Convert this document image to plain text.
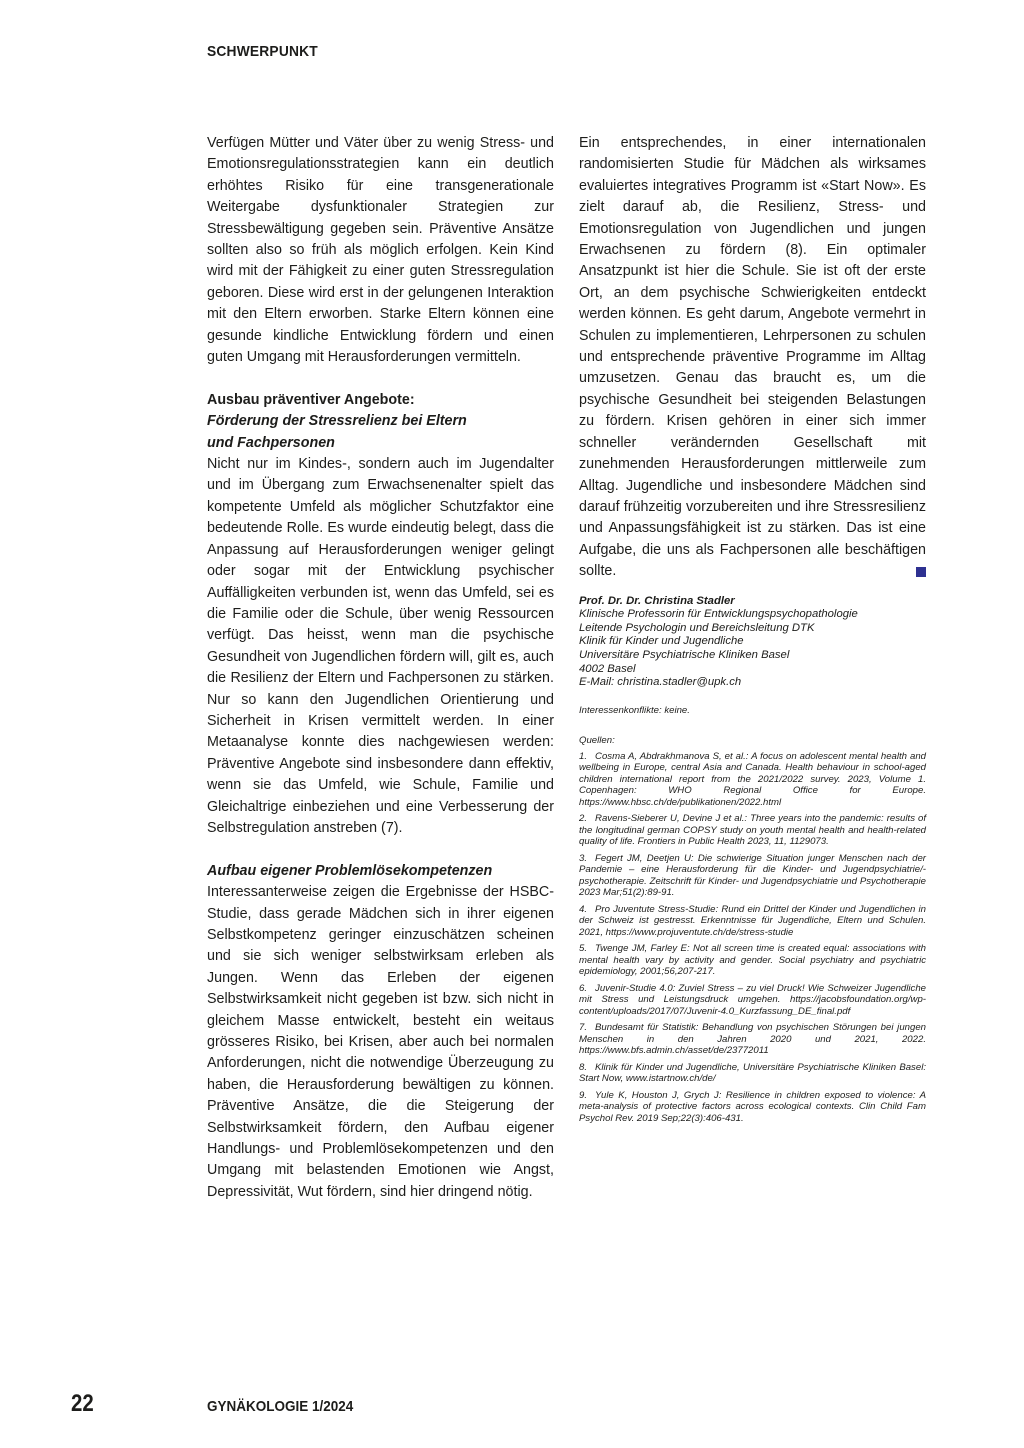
SCHWERPUNKT

Verfügen Mütter und Väter über zu wenig Stress- und Emotionsregulationsstrategien kann ein deutlich erhöhtes Risiko für eine transgenerationale Weitergabe dysfunktionaler Strategien zur Stressbewältigung gegeben sein. Präventive Ansätze sollten also so früh als möglich erfolgen. Kein Kind wird mit der Fähigkeit zu einer guten Stressregulation geboren. Diese wird erst in der gelungenen Interaktion mit den Eltern erworben. Starke Eltern können eine gesunde kindliche Entwicklung fördern und einen guten Umgang mit Herausforderungen vermitteln.

Ausbau präventiver Angebote:

Förderung der Stressrelienz bei Eltern

und Fachpersonen

Nicht nur im Kindes-, sondern auch im Jugendalter und im Übergang zum Erwachsenenalter spielt das kompetente Umfeld als möglicher Schutzfaktor eine bedeutende Rolle. Es wurde eindeutig belegt, dass die Anpassung auf Herausforderungen weniger gelingt oder sogar mit der Entwicklung psychischer Auffälligkeiten verbunden ist, wenn das Umfeld, sei es die Familie oder die Schule, über wenig Ressourcen verfügt. Das heisst, wenn man die psychische Gesundheit von Jugendlichen fördern will, gilt es, auch die Resilienz der Eltern und Fachpersonen zu stärken. Nur so kann den Jugendlichen Orientierung und Sicherheit in Krisen vermittelt werden. In einer Metaanalyse konnte dies nachgewiesen werden: Präventive Angebote sind insbesondere dann effektiv, wenn sie das Umfeld, wie Schule, Familie und Gleichaltrige einbeziehen und eine Verbesserung der Selbstregulation anstreben (7).

Aufbau eigener Problemlösekompetenzen

Interessanterweise zeigen die Ergebnisse der HSBC-Studie, dass gerade Mädchen sich in ihrer eigenen Selbstkompetenz geringer einzuschätzen scheinen und sie sich weniger selbstwirksam erleben als Jungen. Wenn das Erleben der eigenen Selbstwirksamkeit nicht gegeben ist bzw. sich nicht in gleichem Masse entwickelt, besteht ein weitaus grösseres Risiko, bei Krisen, aber auch bei normalen Anforderungen, nicht die notwendige Überzeugung zu haben, die Herausforderung bewältigen zu können. Präventive Ansätze, die die Steigerung der Selbstwirksamkeit fördern, den Aufbau eigener Handlungs- und Problemlösekompetenzen und den Umgang mit belastenden Emotionen wie Angst, Depressivität, Wut fördern, sind hier dringend nötig.

Ein entsprechendes, in einer internationalen randomisierten Studie für Mädchen als wirksames evaluiertes integratives Programm ist «Start Now». Es zielt darauf ab, die Resilienz, Stress- und Emotionsregulation von Jugendlichen und jungen Erwachsenen zu fördern (8). Ein optimaler Ansatzpunkt ist hier die Schule. Sie ist oft der erste Ort, an dem psychische Schwierigkeiten entdeckt werden können. Es geht darum, Angebote vermehrt in Schulen zu implementieren, Lehrpersonen zu schulen und entsprechende präventive Programme im Alltag umzusetzen. Genau das braucht es, um die psychische Gesundheit bei steigenden Belastungen zu fördern. Krisen gehören in einer sich immer schneller verändernden Gesellschaft mit zunehmenden Herausforderungen mittlerweile zum Alltag. Jugendliche und insbesondere Mädchen sind darauf frühzeitig vorzubereiten und ihre Stressresilienz und Anpassungsfähigkeit ist zu stärken. Das ist eine Aufgabe, die uns als Fachpersonen alle beschäftigen sollte.

Prof. Dr. Dr. Christina Stadler
Klinische Professorin für Entwicklungspsychopathologie
Leitende Psychologin und Bereichsleitung DTK
Klinik für Kinder und Jugendliche
Universitäre Psychiatrische Kliniken Basel
4002 Basel
E-Mail: christina.stadler@upk.ch
Interessenkonflikte: keine.
Quellen:
1. Cosma A, Abdrakhmanova S, et al.: A focus on adolescent mental health and wellbeing in Europe, central Asia and Canada. Health behaviour in school-aged children international report from the 2021/2022 survey. 2023, Volume 1. Copenhagen: WHO Regional Office for Europe. https://www.hbsc.ch/de/publikationen/2022.html
2. Ravens-Sieberer U, Devine J et al.: Three years into the pandemic: results of the longitudinal german COPSY study on youth mental health and health-related quality of life. Frontiers in Public Health 2023, 11, 1129073.
3. Fegert JM, Deetjen U: Die schwierige Situation junger Menschen nach der Pandemie – eine Herausforderung für die Kinder- und Jugendpsychiatrie/-psychotherapie. Zeitschrift für Kinder- und Jugendpsychiatrie und Psychotherapie 2023 Mar;51(2):89-91.
4. Pro Juventute Stress-Studie: Rund ein Drittel der Kinder und Jugendlichen in der Schweiz ist gestresst. Erkenntnisse für Jugendliche, Eltern und Schulen. 2021, https://www.projuventute.ch/de/stress-studie
5. Twenge JM, Farley E: Not all screen time is created equal: associations with mental health vary by activity and gender. Social psychiatry and psychiatric epidemiology, 2001;56,207-217.
6. Juvenir-Studie 4.0: Zuviel Stress – zu viel Druck! Wie Schweizer Jugendliche mit Stress und Leistungsdruck umgehen. https://jacobsfoundation.org/wp-content/uploads/2017/07/Juvenir-4.0_Kurzfassung_DE_final.pdf
7. Bundesamt für Statistik: Behandlung von psychischen Störungen bei jungen Menschen in den Jahren 2020 und 2021, 2022. https://www.bfs.admin.ch/asset/de/23772011
8. Klinik für Kinder und Jugendliche, Universitäre Psychiatrische Kliniken Basel: Start Now, www.istartnow.ch/de/
9. Yule K, Houston J, Grych J: Resilience in children exposed to violence: A meta-analysis of protective factors across ecological contexts. Clin Child Fam Psychol Rev. 2019 Sep;22(3):406-431.
22	GYNÄKOLOGIE 1/2024
